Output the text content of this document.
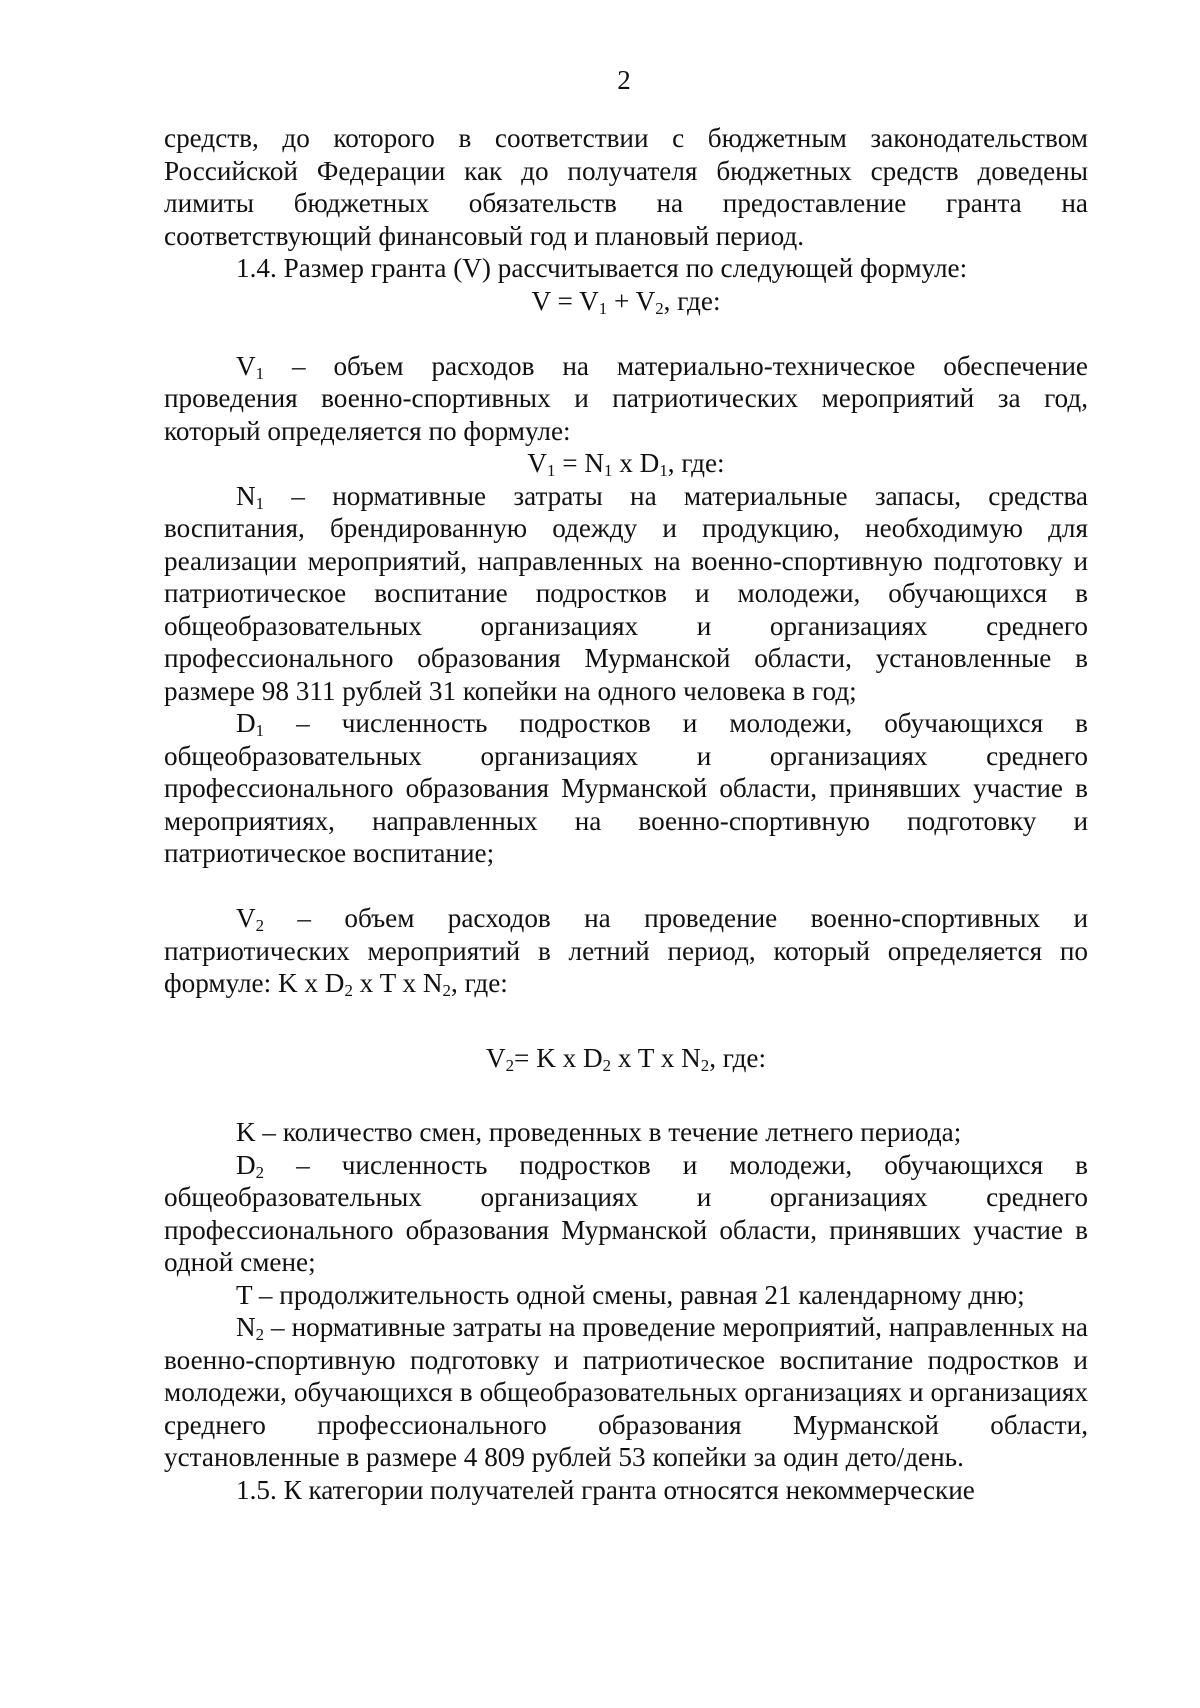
2

средств, до которого в соответствии с бюджетным законодательством Российской Федерации как до получателя бюджетных средств доведены лимиты бюджетных обязательств на предоставление гранта на соответствующий финансовый год и плановый период.

1.4. Размер гранта (V) рассчитывается по следующей формуле:

$V = V_1 + V_2$, где:

$V_1$ – объем расходов на материально-техническое обеспечение проведения военно-спортивных и патриотических мероприятий за год, который определяется по формуле:

$V_1 = N_1$ x $D_1$, где:

$N_1$ – нормативные затраты на материальные запасы, средства воспитания, брендированную одежду и продукцию, необходимую для реализации мероприятий, направленных на военно-спортивную подготовку и патриотическое воспитание подростков и молодежи, обучающихся в общеобразовательных организациях и организациях среднего профессионального образования Мурманской области, установленные в размере 98 311 рублей 31 копейки на одного человека в год;

$D_1$ – численность подростков и молодежи, обучающихся в общеобразовательных организациях и организациях среднего профессионального образования Мурманской области, принявших участие в мероприятиях, направленных на военно-спортивную подготовку и патриотическое воспитание;

$V_2$ – объем расходов на проведение военно-спортивных и патриотических мероприятий в летний период, который определяется по формуле: K x $D_2$ x T x $N_2$, где:

$V_2= K$ x $D_2$ x T x $N_2$, где:

K – количество смен, проведенных в течение летнего периода;

$D_2$ – численность подростков и молодежи, обучающихся в общеобразовательных организациях и организациях среднего профессионального образования Мурманской области, принявших участие в одной смене;

T – продолжительность одной смены, равная 21 календарному дню;

$N_2$ – нормативные затраты на проведение мероприятий, направленных на военно-спортивную подготовку и патриотическое воспитание подростков и молодежи, обучающихся в общеобразовательных организациях и организациях среднего профессионального образования Мурманской области, установленные в размере 4 809 рублей 53 копейки за один дето/день.

1.5. К категории получателей гранта относятся некоммерческие
